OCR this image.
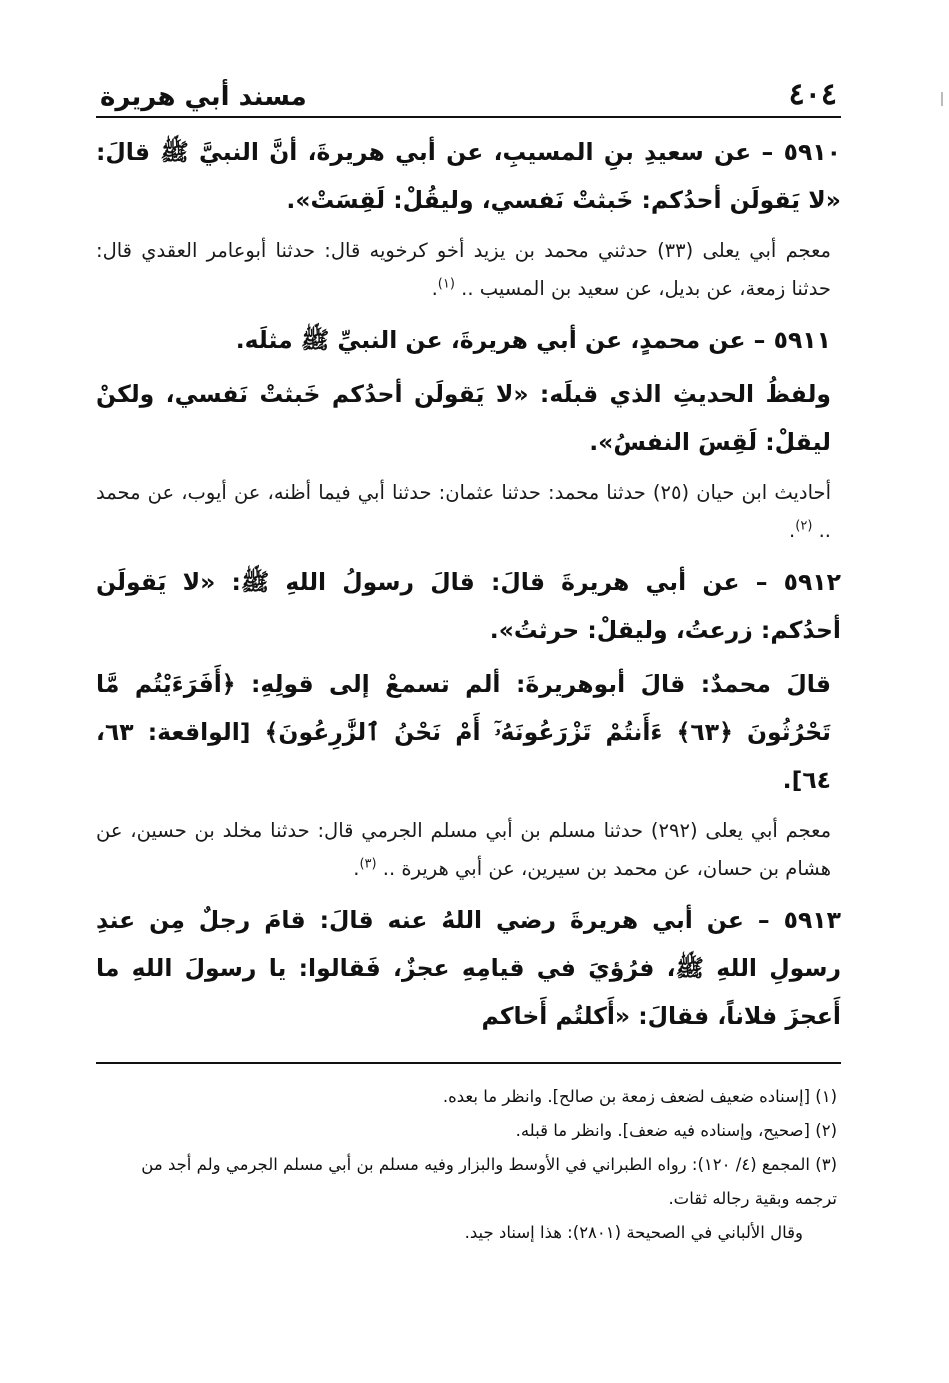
٤٠٤
مسند أبي هريرة

٥٩١٠ – عن سعيدِ بنِ المسيبِ، عن أبي هريرةَ، أنَّ النبيَّ ﷺ قالَ: «لا يَقولَن أحدُكم: خَبثتْ نَفسي، وليقُلْ: لَقِسَتْ».

معجم أبي يعلى (٣٣) حدثني محمد بن يزيد أخو كرخويه قال: حدثنا أبوعامر العقدي قال: حدثنا زمعة، عن بديل، عن سعيد بن المسيب .. $^{(١)}$.

٥٩١١ – عن محمدٍ، عن أبي هريرةَ، عن النبيِّ ﷺ مثلَه.

ولفظُ الحديثِ الذي قبلَه: «لا يَقولَن أحدُكم خَبثتْ نَفسي، ولكنْ ليقلْ: لَقِسَ النفسُ».

أحاديث ابن حيان (٢٥) حدثنا محمد: حدثنا عثمان: حدثنا أبي فيما أظنه، عن أيوب، عن محمد .. $^{(٢)}$.

٥٩١٢ – عن أبي هريرةَ قالَ: قالَ رسولُ اللهِ ﷺ: «لا يَقولَن أحدُكم: زرعتُ، وليقلْ: حرثتُ».

قالَ محمدٌ: قالَ أبوهريرةَ: ألم تسمعْ إلى قولِهِ: ﴿أَفَرَءَيْتُم مَّا تَحْرُثُونَ ﴿٦٣﴾ ءَأَنتُمْ تَزْرَعُونَهُۥٓ أَمْ نَحْنُ ٱلزَّٰرِعُونَ﴾ [الواقعة: ٦٣، ٦٤].

معجم أبي يعلى (٢٩٢) حدثنا مسلم بن أبي مسلم الجرمي قال: حدثنا مخلد بن حسين، عن هشام بن حسان، عن محمد بن سيرين، عن أبي هريرة .. $^{(٣)}$.

٥٩١٣ – عن أبي هريرةَ رضي اللهُ عنه قالَ: قامَ رجلٌ مِن عندِ رسولِ اللهِ ﷺ، فرُؤيَ في قيامِهِ عجزٌ، فَقالوا: يا رسولَ اللهِ ما أَعجزَ فلاناً، فقالَ: «أَكلتُم أَخاكم

(١) [إسناده ضعيف لضعف زمعة بن صالح]. وانظر ما بعده.
(٢) [صحيح، وإسناده فيه ضعف]. وانظر ما قبله.
(٣) المجمع (٤/ ١٢٠): رواه الطبراني في الأوسط والبزار وفيه مسلم بن أبي مسلم الجرمي ولم أجد من ترجمه وبقية رجاله ثقات.
وقال الألباني في الصحيحة (٢٨٠١): هذا إسناد جيد.
